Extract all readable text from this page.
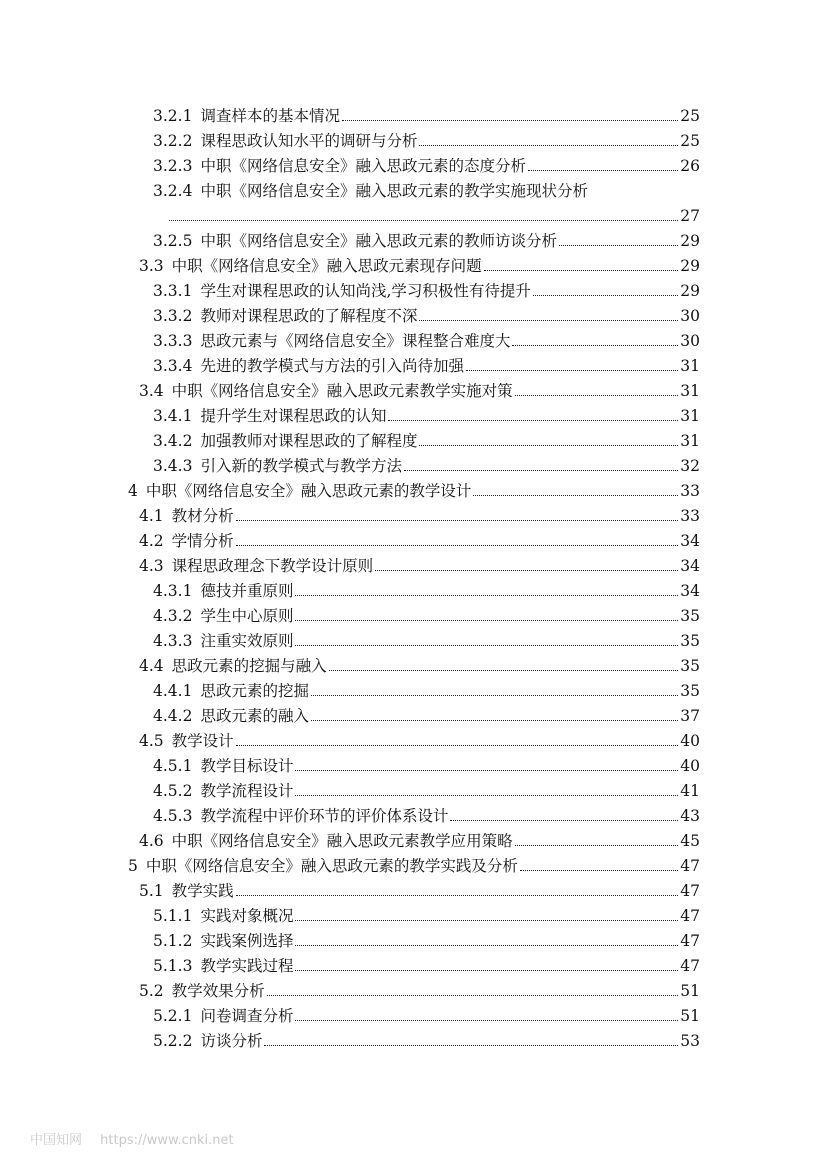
3.2.1 调查样本的基本情况	25
3.2.2 课程思政认知水平的调研与分析	25
3.2.3 中职《网络信息安全》融入思政元素的态度分析	26
3.2.4 中职《网络信息安全》融入思政元素的教学实施现状分析
27
3.2.5 中职《网络信息安全》融入思政元素的教师访谈分析	29
3.3 中职《网络信息安全》融入思政元素现存问题	29
3.3.1 学生对课程思政的认知尚浅,学习积极性有待提升	29
3.3.2 教师对课程思政的了解程度不深	30
3.3.3 思政元素与《网络信息安全》课程整合难度大	30
3.3.4 先进的教学模式与方法的引入尚待加强	31
3.4 中职《网络信息安全》融入思政元素教学实施对策	31
3.4.1 提升学生对课程思政的认知	31
3.4.2 加强教师对课程思政的了解程度	31
3.4.3 引入新的教学模式与教学方法	32
4 中职《网络信息安全》融入思政元素的教学设计	33
4.1 教材分析	33
4.2 学情分析	34
4.3 课程思政理念下教学设计原则	34
4.3.1 德技并重原则	34
4.3.2 学生中心原则	35
4.3.3 注重实效原则	35
4.4 思政元素的挖掘与融入	35
4.4.1 思政元素的挖掘	35
4.4.2 思政元素的融入	37
4.5 教学设计	40
4.5.1 教学目标设计	40
4.5.2 教学流程设计	41
4.5.3 教学流程中评价环节的评价体系设计	43
4.6 中职《网络信息安全》融入思政元素教学应用策略	45
5 中职《网络信息安全》融入思政元素的教学实践及分析	47
5.1 教学实践	47
5.1.1 实践对象概况	47
5.1.2 实践案例选择	47
5.1.3 教学实践过程	47
5.2 教学效果分析	51
5.2.1 问卷调查分析	51
5.2.2 访谈分析	53
中国知网 https://www.cnki.net
